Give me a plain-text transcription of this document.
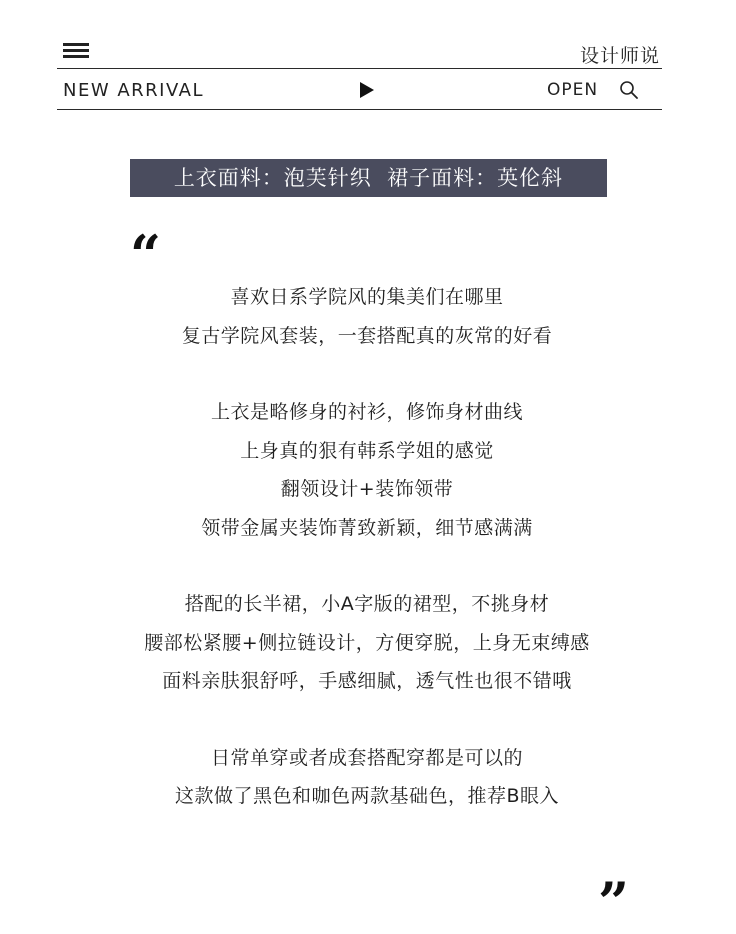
设计师说
NEW ARRIVAL	OPEN
上衣面料：泡芙针织  裙子面料：英伦斜
“
喜欢日系学院风的集美们在哪里
复古学院风套装，一套搭配真的灰常的好看
上衣是略修身的衬衫，修饰身材曲线
上身真的狠有韩系学姐的感觉
翻领设计+装饰领带
领带金属夹装饰菁致新颖，细节感满满
搭配的长半裙，小A字版的裙型，不挑身材
腰部松紧腰+侧拉链设计，方便穿脱，上身无束缚感
面料亲肤狠舒呼，手感细腻，透气性也很不错哦
日常单穿或者成套搭配穿都是可以的
这款做了黑色和咖色两款基础色，推荐B眼入
”
